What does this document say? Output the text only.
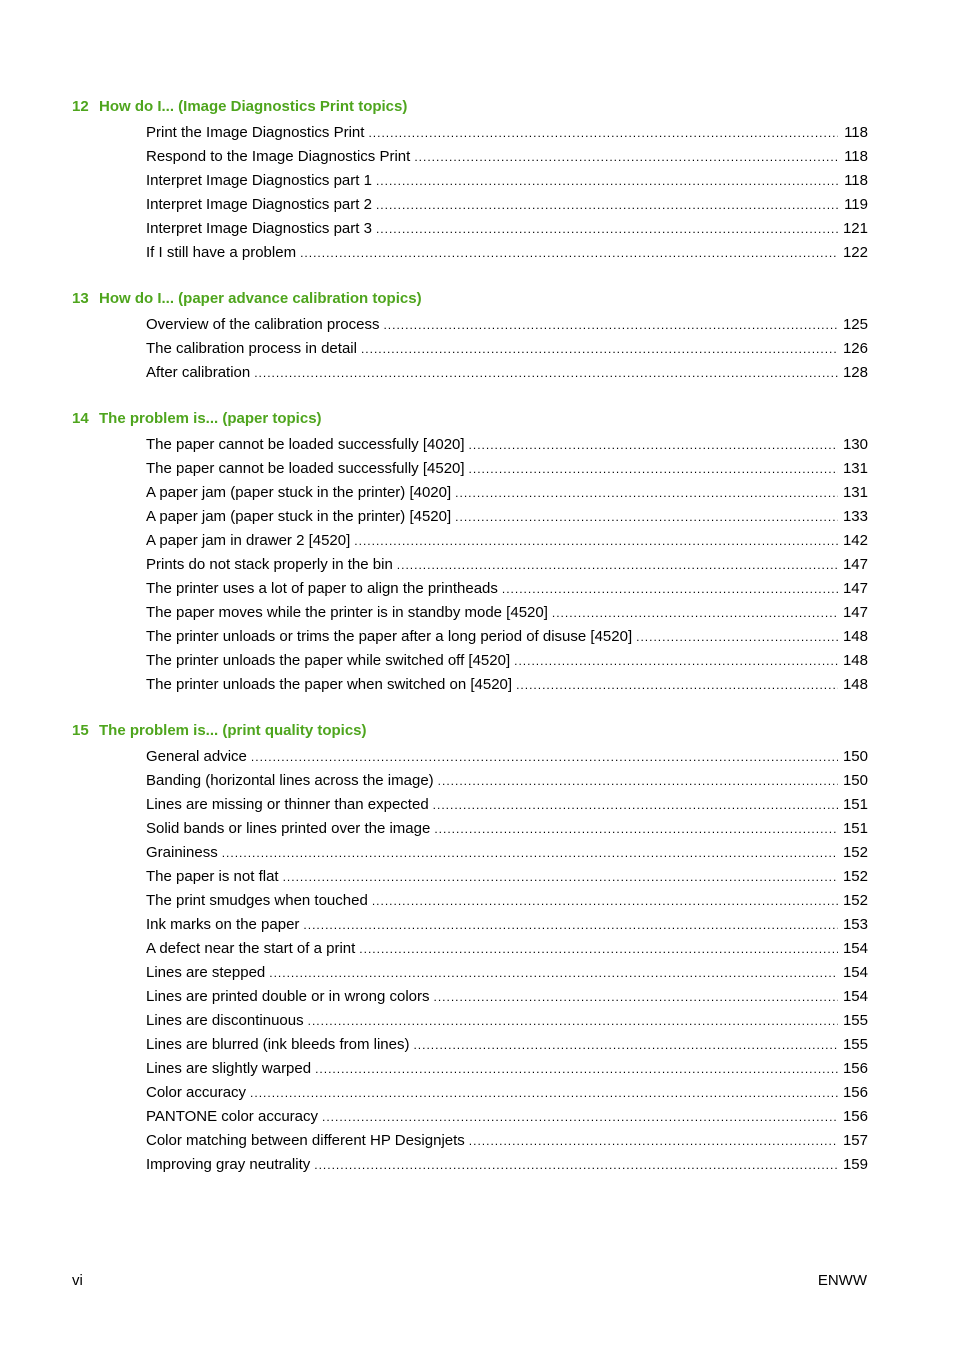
12 How do I... (Image Diagnostics Print topics)
Print the Image Diagnostics Print .....	118
Respond to the Image Diagnostics Print .....	118
Interpret Image Diagnostics part 1 .....	118
Interpret Image Diagnostics part 2 .....	119
Interpret Image Diagnostics part 3 .....	121
If I still have a problem .....	122
13 How do I... (paper advance calibration topics)
Overview of the calibration process .....	125
The calibration process in detail .....	126
After calibration .....	128
14 The problem is... (paper topics)
The paper cannot be loaded successfully [4020] .....	130
The paper cannot be loaded successfully [4520] .....	131
A paper jam (paper stuck in the printer) [4020] .....	131
A paper jam (paper stuck in the printer) [4520] .....	133
A paper jam in drawer 2 [4520] .....	142
Prints do not stack properly in the bin .....	147
The printer uses a lot of paper to align the printheads .....	147
The paper moves while the printer is in standby mode [4520] .....	147
The printer unloads or trims the paper after a long period of disuse [4520] .....	148
The printer unloads the paper while switched off [4520] .....	148
The printer unloads the paper when switched on [4520] .....	148
15 The problem is... (print quality topics)
General advice .....	150
Banding (horizontal lines across the image) .....	150
Lines are missing or thinner than expected .....	151
Solid bands or lines printed over the image .....	151
Graininess .....	152
The paper is not flat .....	152
The print smudges when touched .....	152
Ink marks on the paper .....	153
A defect near the start of a print .....	154
Lines are stepped .....	154
Lines are printed double or in wrong colors .....	154
Lines are discontinuous .....	155
Lines are blurred (ink bleeds from lines) .....	155
Lines are slightly warped .....	156
Color accuracy .....	156
PANTONE color accuracy .....	156
Color matching between different HP Designjets .....	157
Improving gray neutrality .....	159
vi	ENWW
